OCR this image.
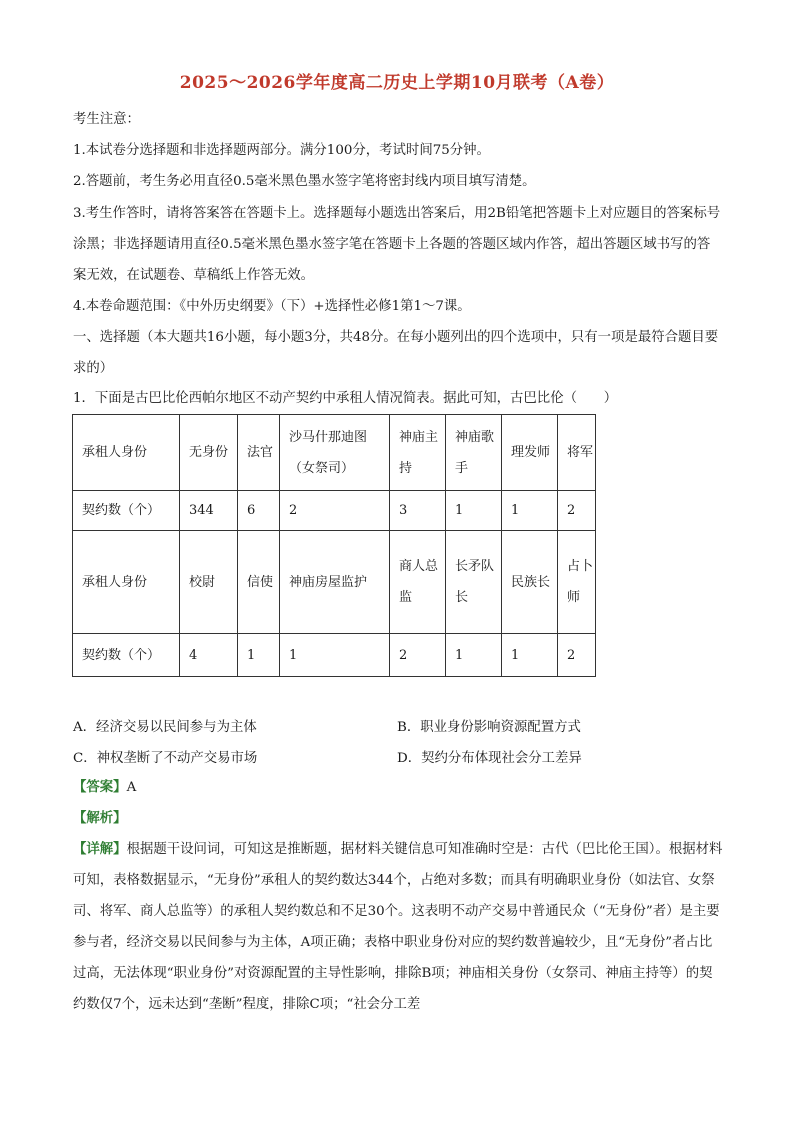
2025～2026学年度高二历史上学期10月联考（A卷）
考生注意：
1.本试卷分选择题和非选择题两部分。满分100分，考试时间75分钟。
2.答题前，考生务必用直径0.5毫米黑色墨水签字笔将密封线内项目填写清楚。
3.考生作答时，请将答案答在答题卡上。选择题每小题选出答案后，用2B铅笔把答题卡上对应题目的答案标号涂黑；非选择题请用直径0.5毫米黑色墨水签字笔在答题卡上各题的答题区域内作答，超出答题区域书写的答案无效，在试题卷、草稿纸上作答无效。
4.本卷命题范围：《中外历史纲要》（下）+选择性必修1第1～7课。
一、选择题（本大题共16小题，每小题3分，共48分。在每小题列出的四个选项中，只有一项是最符合题目要求的）
1．下面是古巴比伦西帕尔地区不动产契约中承租人情况简表。据此可知，古巴比伦（　　）
承租人身份	无身份	法官	沙马什那迪图（女祭司）	神庙主持	神庙歌手	理发师	将军
契约数（个）	344	6	2	3	1	1	2
承租人身份	校尉	信使	神庙房屋监护	商人总监	长矛队长	民族长	占卜师
契约数（个）	4	1	1	2	1	1	2
A．经济交易以民间参与为主体	B．职业身份影响资源配置方式
C．神权垄断了不动产交易市场	D．契约分布体现社会分工差异
【答案】A
【解析】
【详解】根据题干设问词，可知这是推断题，据材料关键信息可知准确时空是：古代（巴比伦王国）。根据材料可知，表格数据显示，“无身份”承租人的契约数达344个，占绝对多数；而具有明确职业身份（如法官、女祭司、将军、商人总监等）的承租人契约数总和不足30个。这表明不动产交易中普通民众（“无身份”者）是主要参与者，经济交易以民间参与为主体，A项正确；表格中职业身份对应的契约数普遍较少，且“无身份”者占比过高，无法体现“职业身份”对资源配置的主导性影响，排除B项；神庙相关身份（女祭司、神庙主持等）的契约数仅7个，远未达到“垄断”程度，排除C项；“社会分工差
